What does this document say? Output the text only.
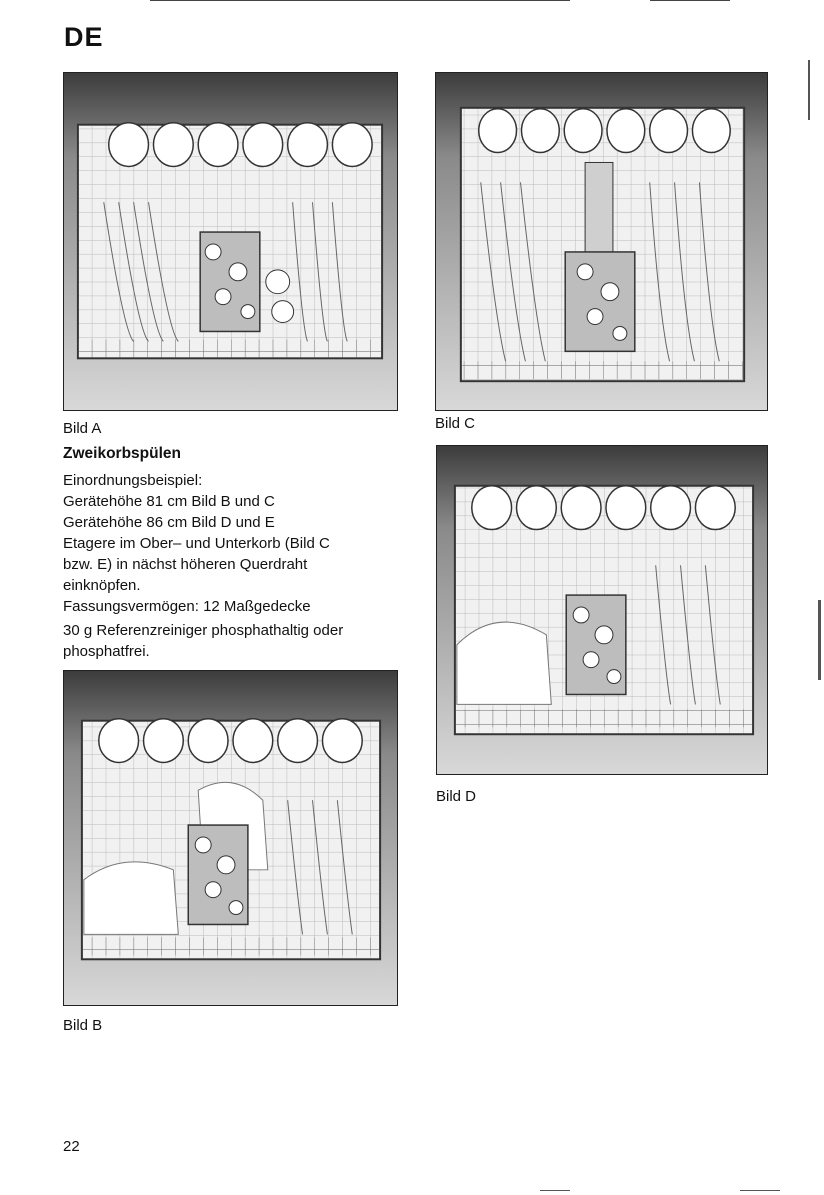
DE
Bild A	Bild C
Zweikorbspülen

Einordnungsbeispiel:

Gerätehöhe 81 cm Bild B und C

Gerätehöhe 86 cm Bild D und E

Etagere im Ober– und Unterkorb (Bild C

bzw. E) in nächst höheren Querdraht

einknöpfen.

Fassungsvermögen: 12 Maßgedecke

30 g Referenzreiniger phosphathaltig oder

phosphatfrei.

Bild D
Bild B
22
